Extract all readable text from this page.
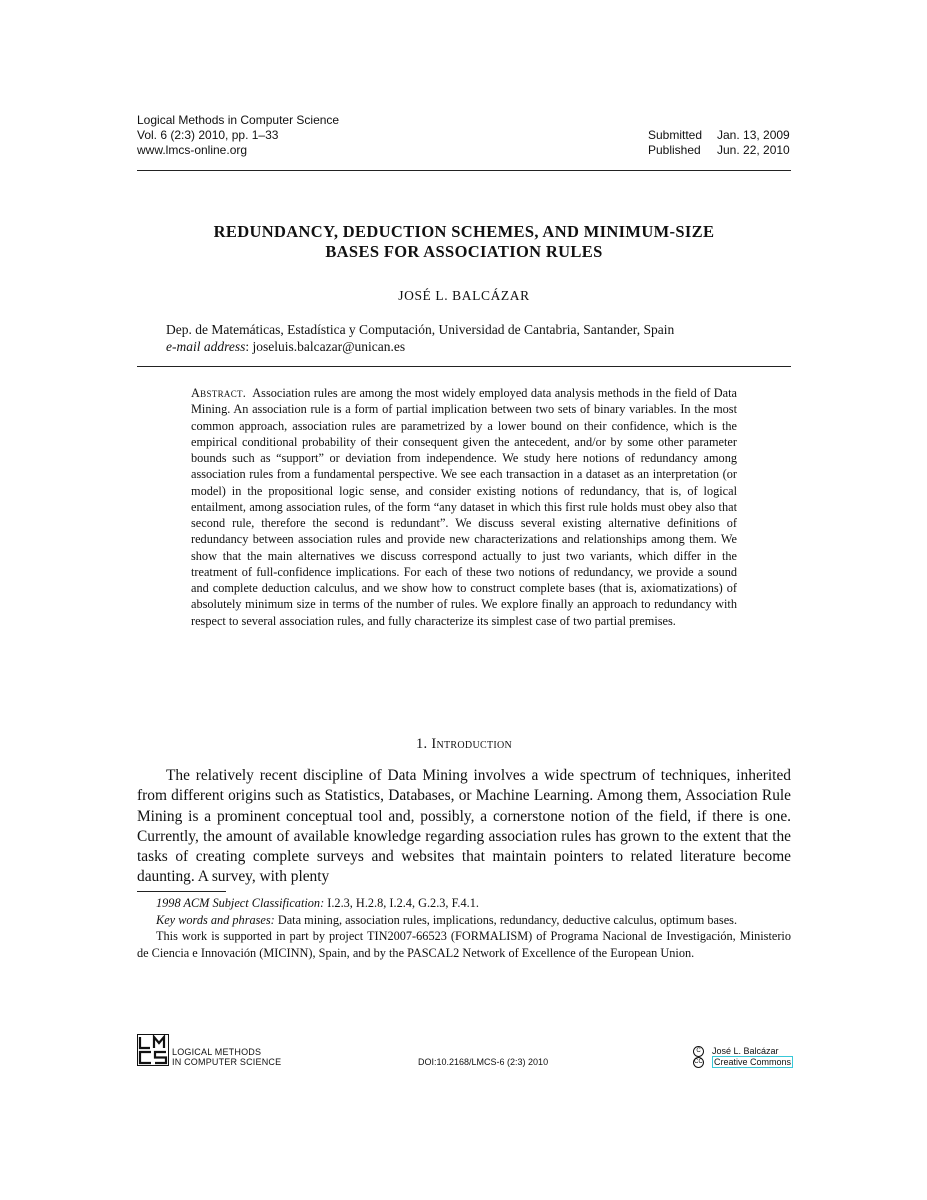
Logical Methods in Computer Science
Vol. 6 (2:3) 2010, pp. 1–33
www.lmcs-online.org
Submitted Jan. 13, 2009
Published Jun. 22, 2010
REDUNDANCY, DEDUCTION SCHEMES, AND MINIMUM-SIZE
BASES FOR ASSOCIATION RULES
JOSÉ L. BALCÁZAR
Dep. de Matemáticas, Estadística y Computación, Universidad de Cantabria, Santander, Spain
e-mail address: joseluis.balcazar@unican.es
Abstract. Association rules are among the most widely employed data analysis methods in the field of Data Mining. An association rule is a form of partial implication between two sets of binary variables. In the most common approach, association rules are parametrized by a lower bound on their confidence, which is the empirical conditional probability of their consequent given the antecedent, and/or by some other parameter bounds such as “support” or deviation from independence. We study here notions of redundancy among association rules from a fundamental perspective. We see each transaction in a dataset as an interpretation (or model) in the propositional logic sense, and consider existing notions of redundancy, that is, of logical entailment, among association rules, of the form “any dataset in which this first rule holds must obey also that second rule, therefore the second is redundant”. We discuss several existing alternative definitions of redundancy between association rules and provide new characterizations and relationships among them. We show that the main alternatives we discuss correspond actually to just two variants, which differ in the treatment of full-confidence implications. For each of these two notions of redundancy, we provide a sound and complete deduction calculus, and we show how to construct complete bases (that is, axiomatizations) of absolutely minimum size in terms of the number of rules. We explore finally an approach to redundancy with respect to several association rules, and fully characterize its simplest case of two partial premises.
1. Introduction

The relatively recent discipline of Data Mining involves a wide spectrum of techniques, inherited from different origins such as Statistics, Databases, or Machine Learning. Among them, Association Rule Mining is a prominent conceptual tool and, possibly, a cornerstone notion of the field, if there is one. Currently, the amount of available knowledge regarding association rules has grown to the extent that the tasks of creating complete surveys and websites that maintain pointers to related literature become daunting. A survey, with plenty

1998 ACM Subject Classification: I.2.3, H.2.8, I.2.4, G.2.3, F.4.1.

Key words and phrases: Data mining, association rules, implications, redundancy, deductive calculus, optimum bases.

This work is supported in part by project TIN2007-66523 (FORMALISM) of Programa Nacional de Investigación, Ministerio de Ciencia e Innovación (MICINN), Spain, and by the PASCAL2 Network of Excellence of the European Union.

LOGICAL METHODS
IN COMPUTER SCIENCE	DOI:10.2168/LMCS-6 (2:3) 2010
C José L. Balcázar
CC Creative Commons
